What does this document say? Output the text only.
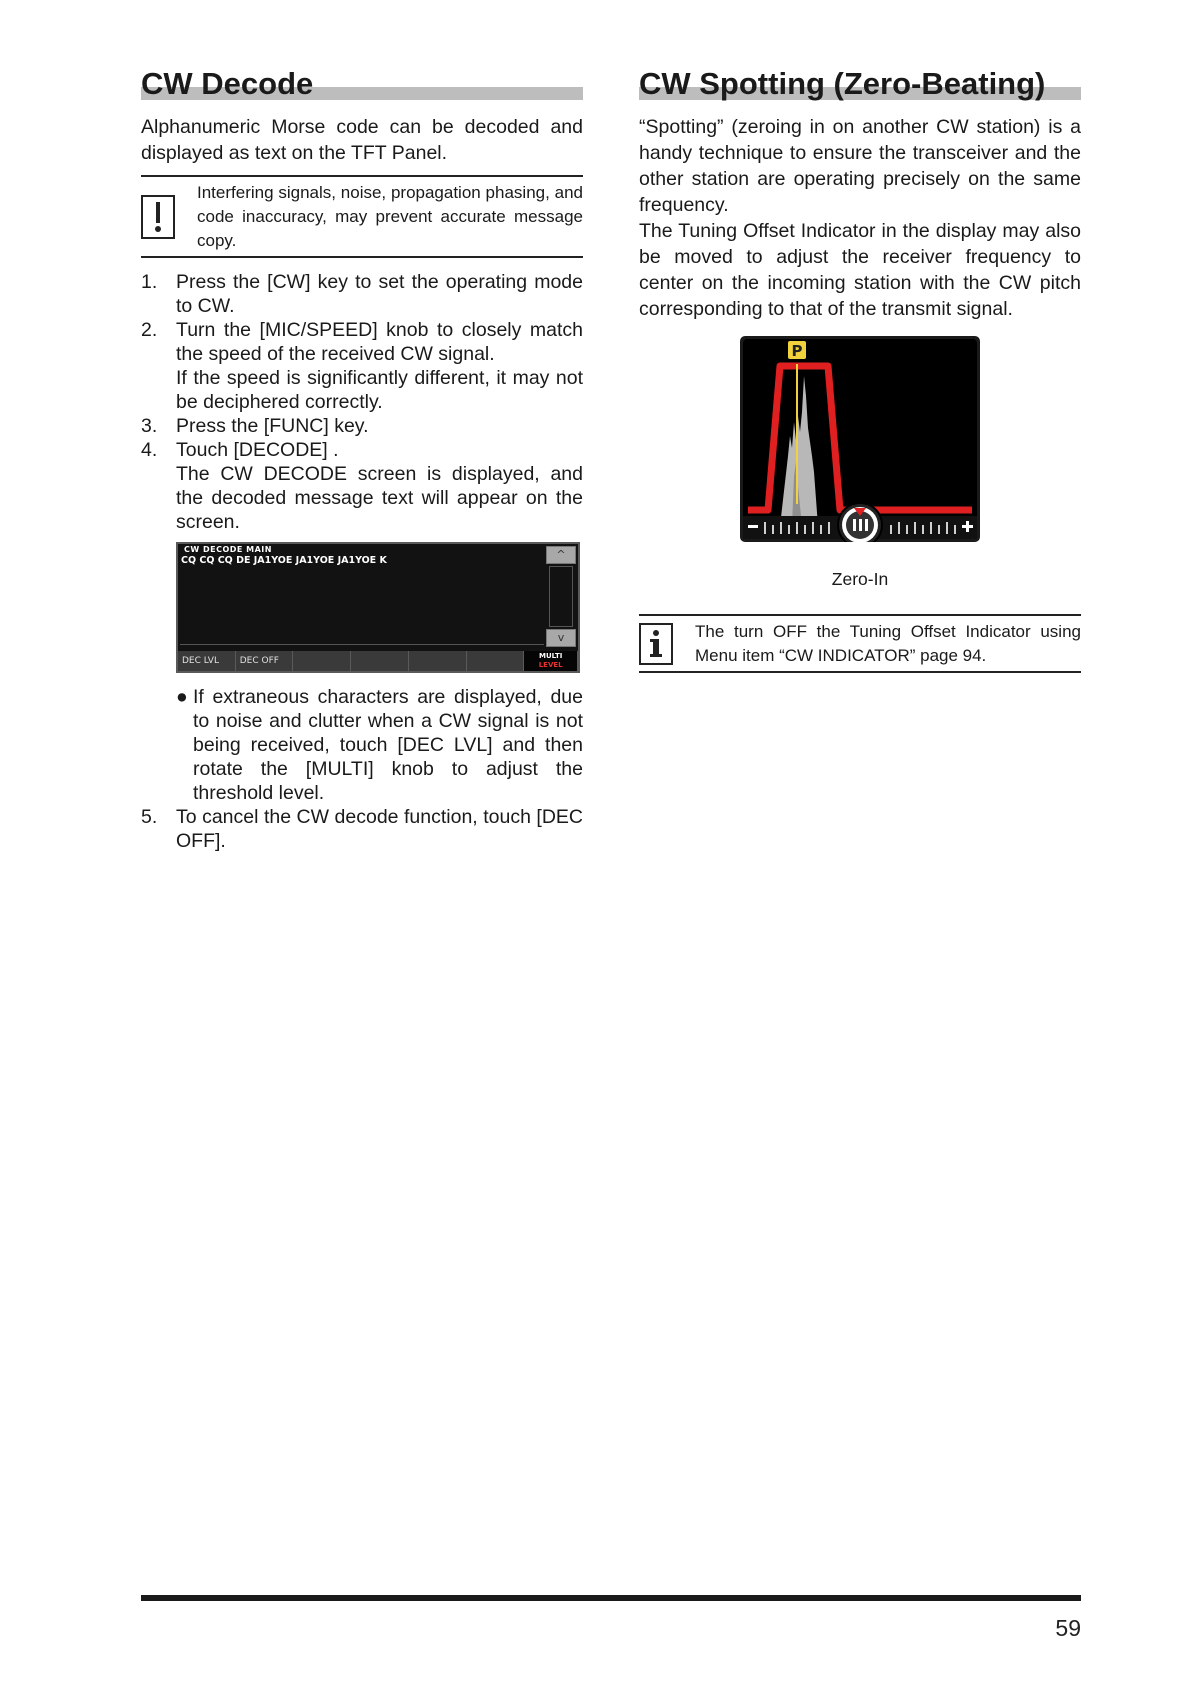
CW Decode

Alphanumeric Morse code can be decoded and displayed as text on the TFT Panel.

Interfering signals, noise, propagation phasing, and code inaccuracy, may prevent accurate message copy.
1. Press the [CW] key to set the operating mode to CW.
2. Turn the [MIC/SPEED] knob to closely match the speed of the received CW signal.
If the speed is significantly different, it may not be deciphered correctly.
3. Press the [FUNC] key.
4. Touch [DECODE] .
The CW DECODE screen is displayed, and the decoded message text will appear on the screen.
CW DECODE MAIN
CQ CQ CQ DE JA1YOE JA1YOE JA1YOE K	^
v
DEC LVL	DEC OFF	MULTI
LEVEL
● If extraneous characters are displayed, due to noise and clutter when a CW signal is not being received, touch [DEC LVL] and then rotate the [MULTI] knob to adjust the threshold level.
5. To cancel the CW decode function, touch [DEC OFF].
CW Spotting (Zero-Beating)

“Spotting” (zeroing in on another CW station) is a handy technique to ensure the transceiver and the other station are operating precisely on the same frequency.

The Tuning Offset Indicator in the display may also be moved to adjust the receiver frequency to center on the incoming station with the CW pitch corresponding to that of the transmit signal.

P
Zero-In
The turn OFF the Tuning Offset Indicator using Menu item “CW INDICATOR” page 94.
59
